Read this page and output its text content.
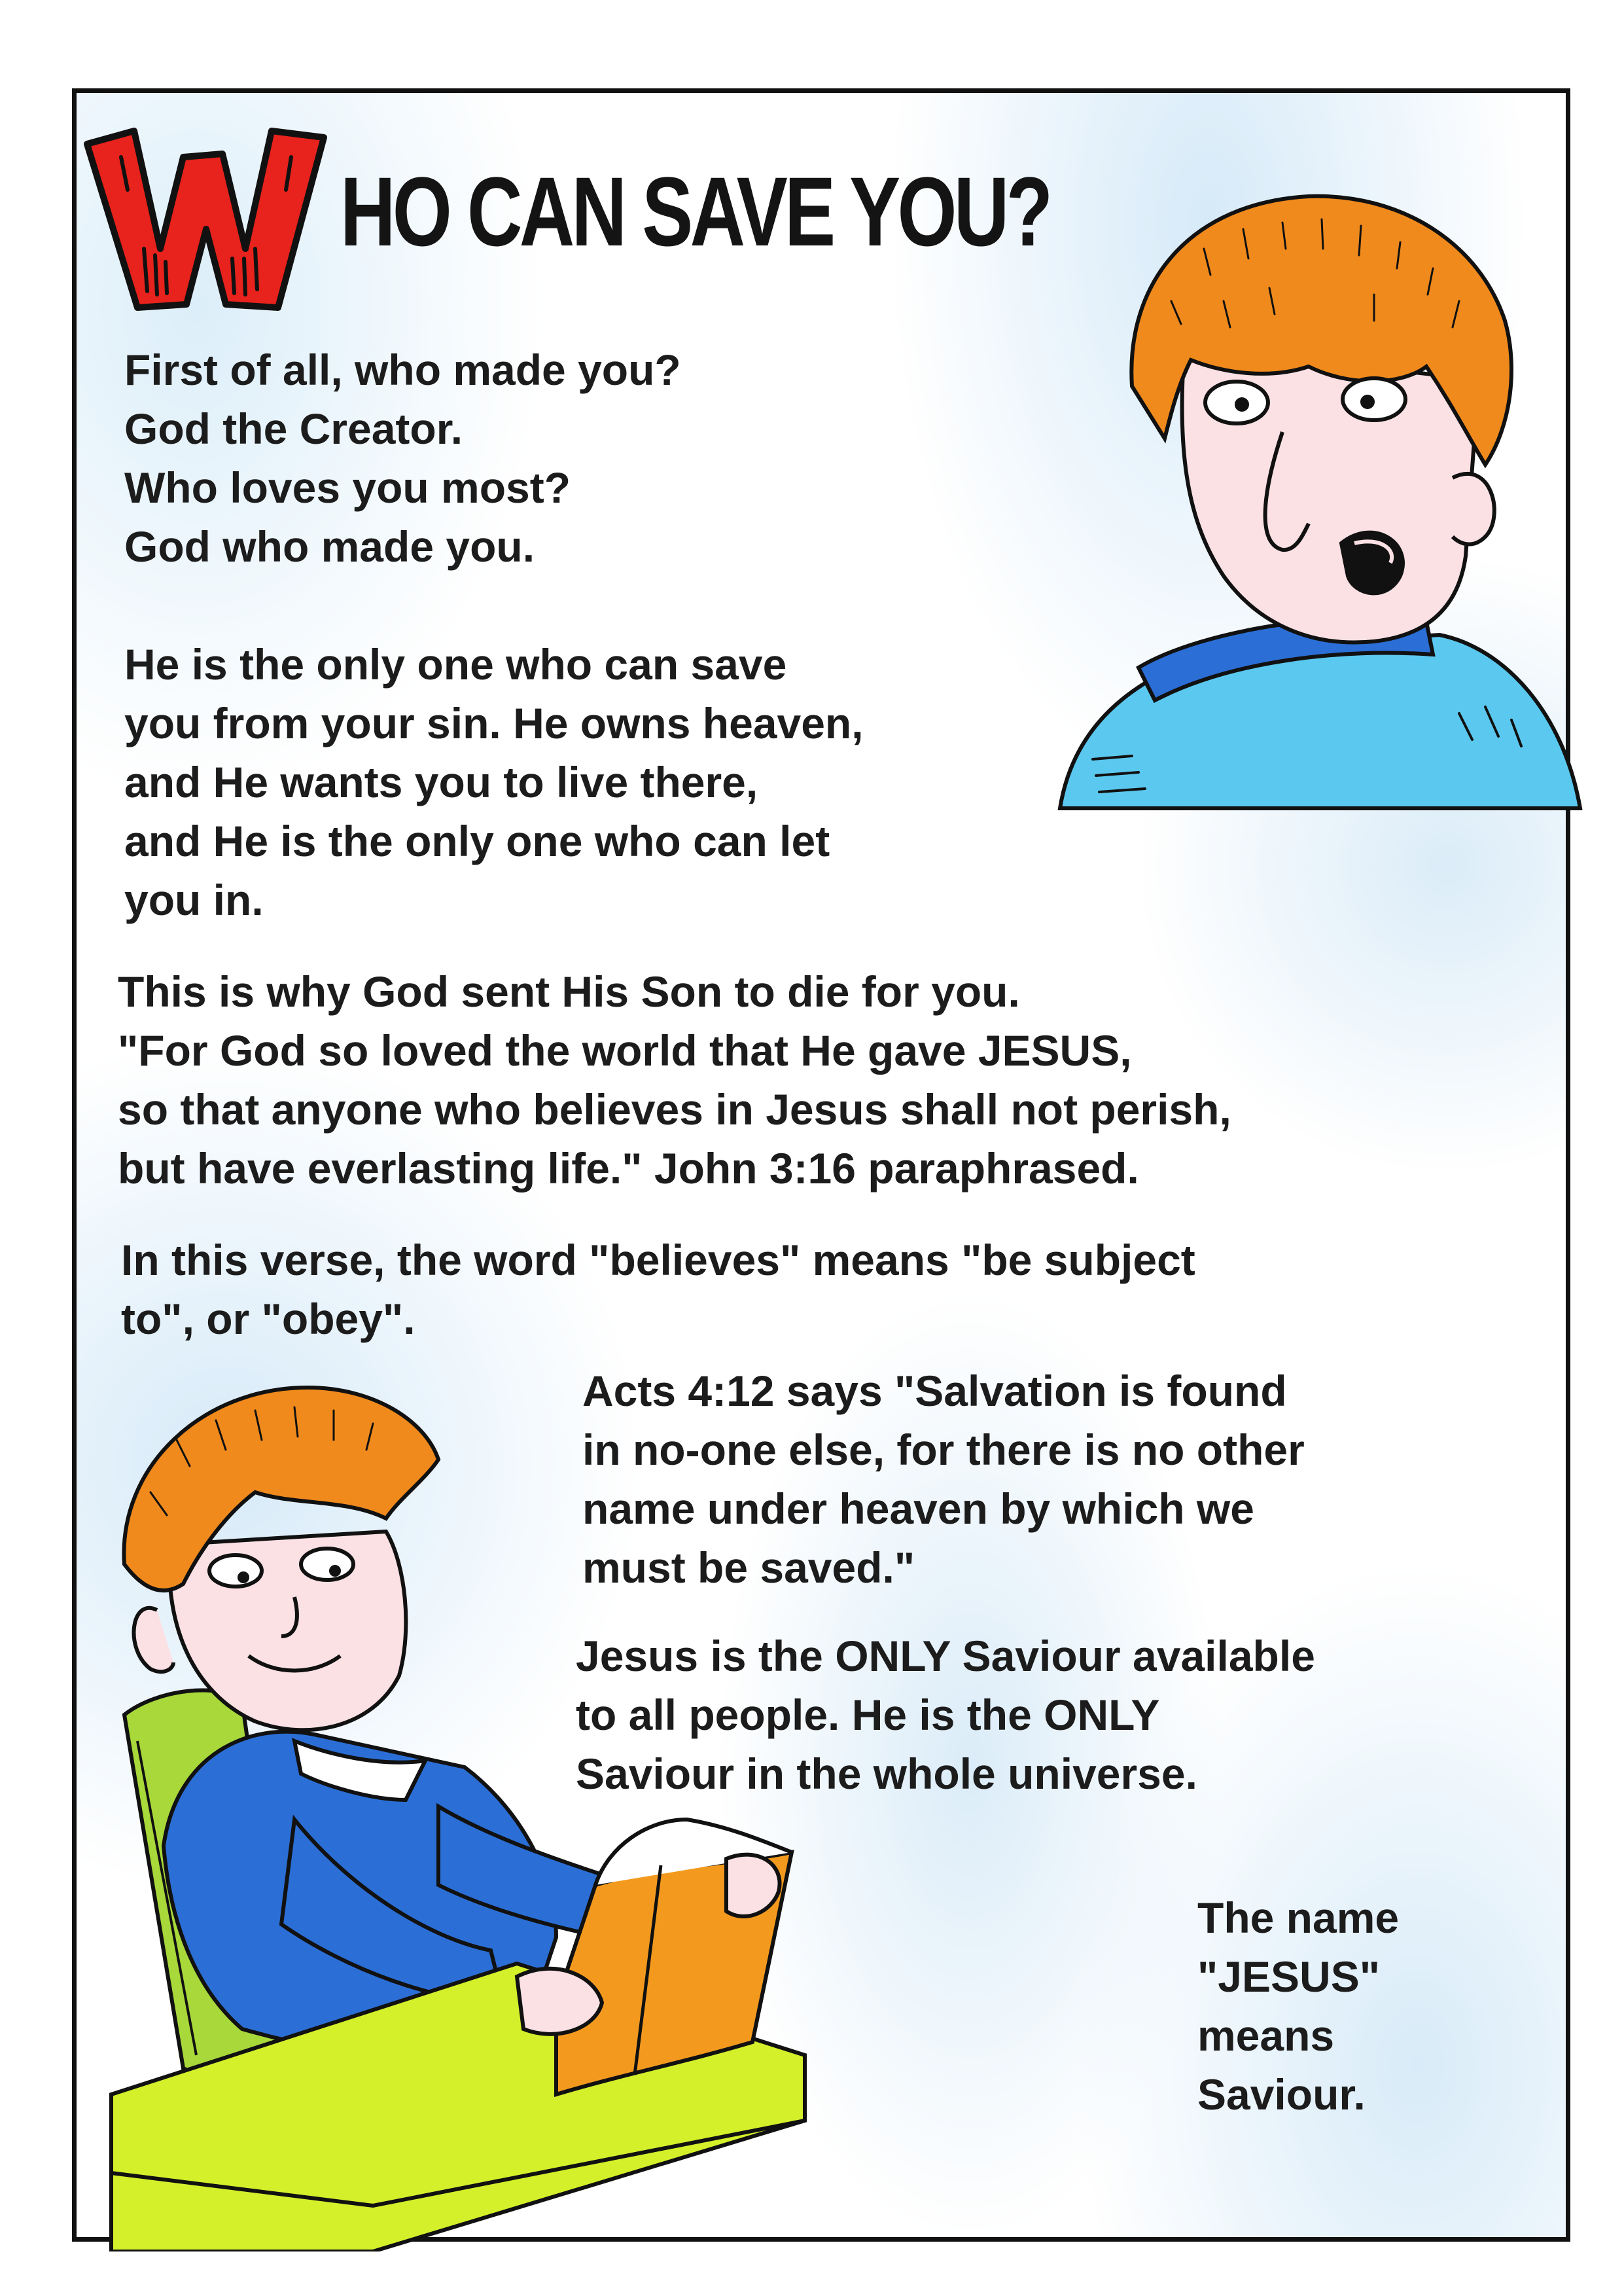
W
HO CAN SAVE YOU?
First of all, who made you?
God the Creator.
Who loves you most?
God who made you.
He is the only one who can save
you from your sin. He owns heaven,
and He wants you to live there,
and He is the only one who can let
you in.
This is why God sent His Son to die for you.
"For God so loved the world that He gave JESUS,
so that anyone who believes in Jesus shall not perish,
but have everlasting life." John 3:16 paraphrased.
In this verse, the word "believes" means "be subject
to", or "obey".
Acts 4:12 says "Salvation is found
in no-one else, for there is no other
name under heaven by which we
must be saved."
Jesus is the ONLY Saviour available
to all people. He is the ONLY
Saviour in the whole universe.
The name
"JESUS"
means
Saviour.
